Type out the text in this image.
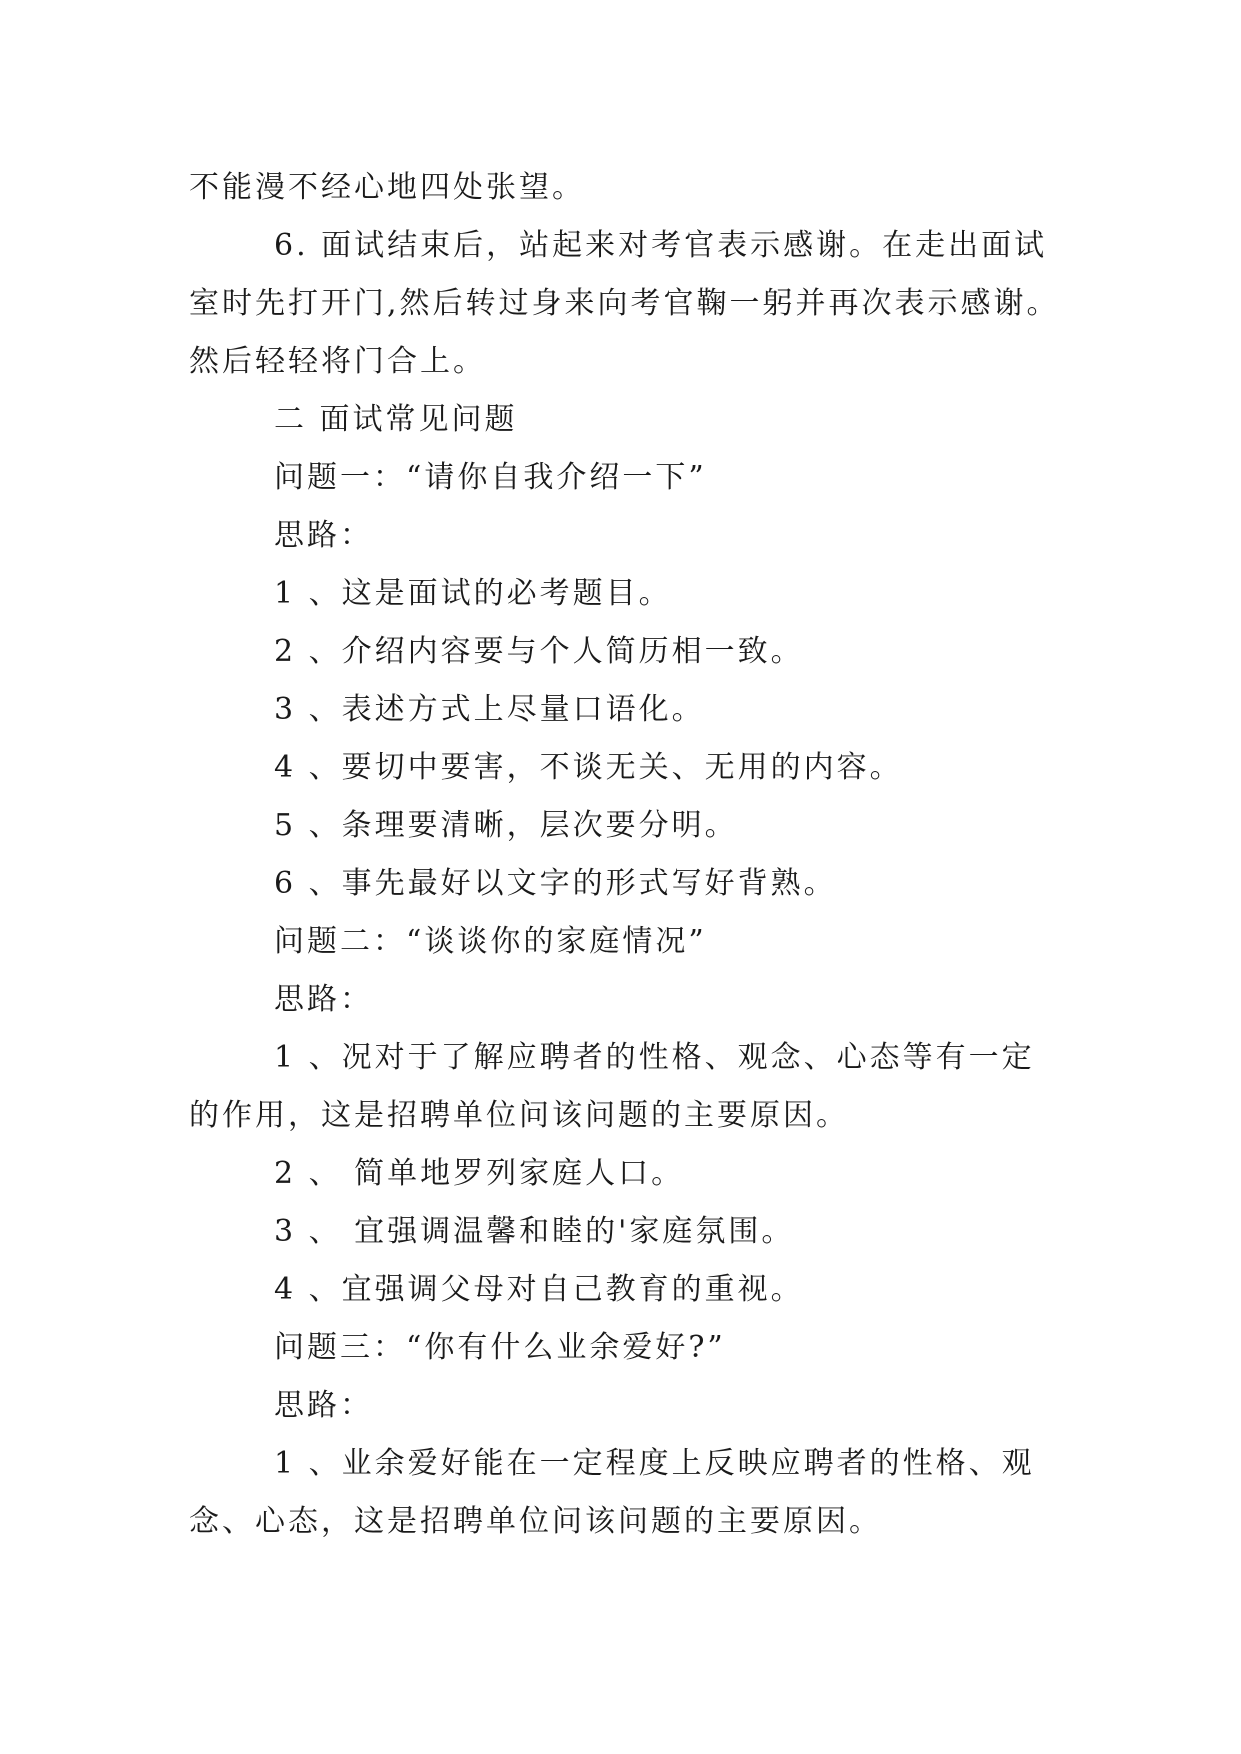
不能漫不经心地四处张望。
6. 面试结束后，站起来对考官表示感谢。在走出面试
室时先打开门,然后转过身来向考官鞠一躬并再次表示感谢。
然后轻轻将门合上。
二 面试常见问题
问题一：“请你自我介绍一下”
思路：
1 、这是面试的必考题目。
2 、介绍内容要与个人简历相一致。
3 、表述方式上尽量口语化。
4 、要切中要害，不谈无关、无用的内容。
5 、条理要清晰，层次要分明。
6 、事先最好以文字的形式写好背熟。
问题二：“谈谈你的家庭情况”
思路：
1 、况对于了解应聘者的性格、观念、心态等有一定
的作用，这是招聘单位问该问题的主要原因。
2 、 简单地罗列家庭人口。
3 、 宜强调温馨和睦的'家庭氛围。
4 、宜强调父母对自己教育的重视。
问题三：“你有什么业余爱好?”
思路：
1 、业余爱好能在一定程度上反映应聘者的性格、观
念、心态，这是招聘单位问该问题的主要原因。
